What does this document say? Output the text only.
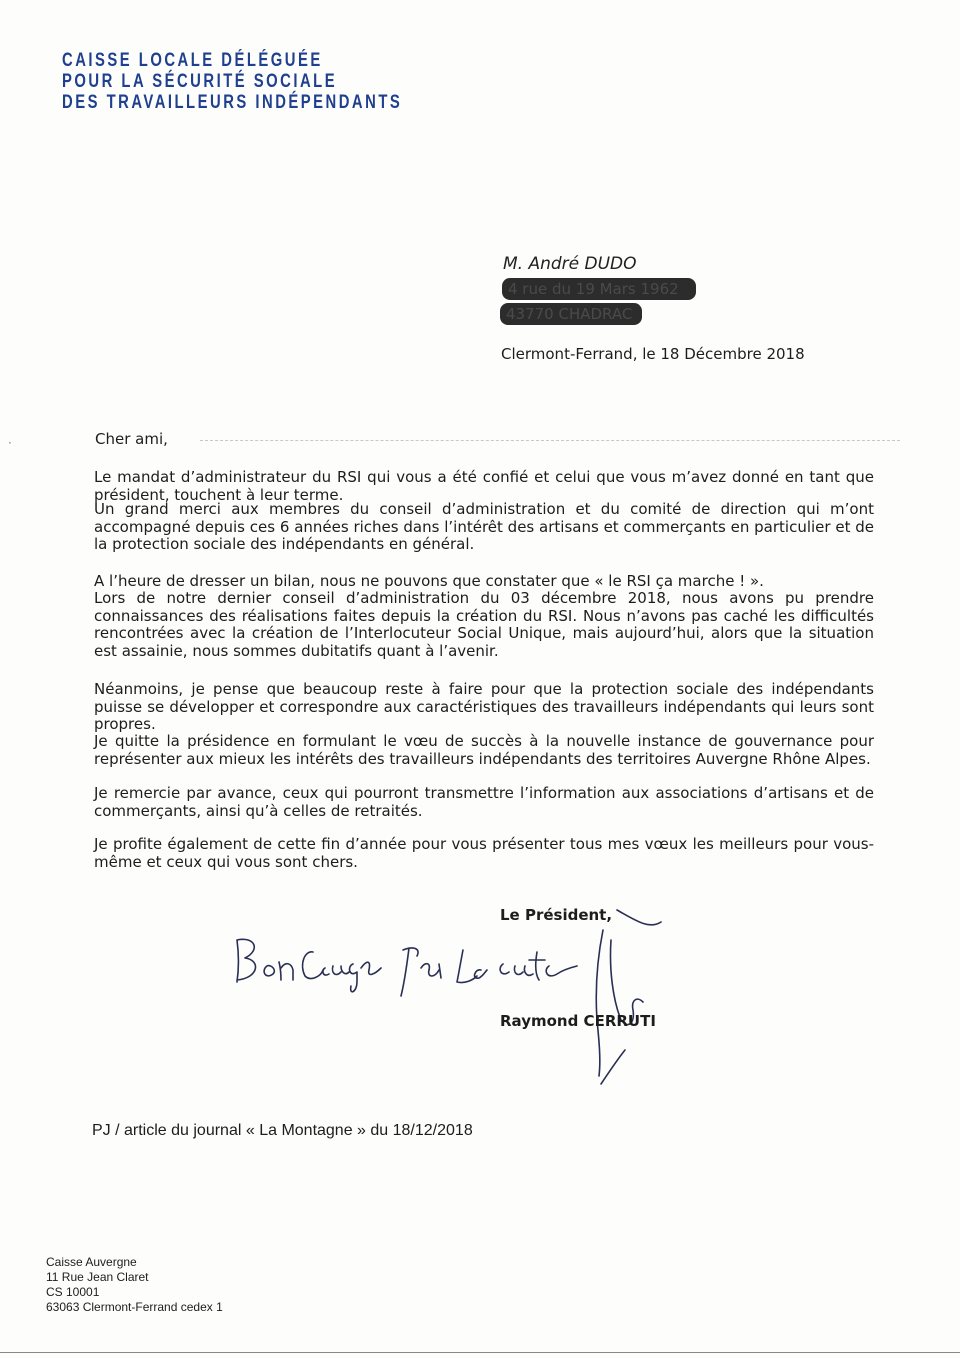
CAISSE LOCALE DÉLÉGUÉE
POUR LA SÉCURITÉ SOCIALE
DES TRAVAILLEURS INDÉPENDANTS
M. André DUDO
4 rue du 19 Mars 1962
43770 CHADRAC
Clermont-Ferrand, le 18 Décembre 2018
·	Cher ami,
Le mandat d’administrateur du RSI qui vous a été confié et celui que vous m’avez donné en tant que président, touchent à leur terme.
Un grand merci aux membres du conseil d’administration et du comité de direction qui m’ont accompagné depuis ces 6 années riches dans l’intérêt des artisans et commerçants en particulier et de la protection sociale des indépendants en général.
A l’heure de dresser un bilan, nous ne pouvons que constater que « le RSI ça marche ! ».
Lors de notre dernier conseil d’administration du 03 décembre 2018, nous avons pu prendre connaissances des réalisations faites depuis la création du RSI. Nous n’avons pas caché les difficultés rencontrées avec la création de l’Interlocuteur Social Unique, mais aujourd’hui, alors que la situation est assainie, nous sommes dubitatifs quant à l’avenir.
Néanmoins, je pense que beaucoup reste à faire pour que la protection sociale des indépendants puisse se développer et correspondre aux caractéristiques des travailleurs indépendants qui leurs sont propres.
Je quitte la présidence en formulant le vœu de succès à la nouvelle instance de gouvernance pour représenter aux mieux les intérêts des travailleurs indépendants des territoires Auvergne Rhône Alpes.
Je remercie par avance, ceux qui pourront transmettre l’information aux associations d’artisans et de commerçants, ainsi qu’à celles de retraités.
Je profite également de cette fin d’année pour vous présenter tous mes vœux les meilleurs pour vous-même et ceux qui vous sont chers.
Le Président,
Raymond CERRUTI
PJ / article du journal « La Montagne » du 18/12/2018
Caisse Auvergne
11 Rue Jean Claret
CS 10001
63063 Clermont-Ferrand cedex 1
